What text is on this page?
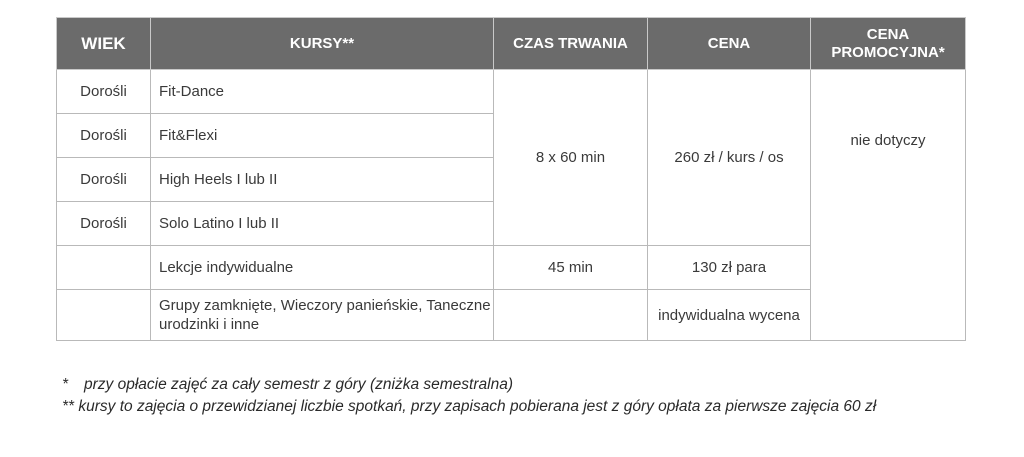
WIEK	KURSY**	CZAS TRWANIA	CENA	CENA PROMOCYJNA*
Dorośli	Fit-Dance	8 x 60 min	260 zł / kurs / os	nie dotyczy
Dorośli	Fit&Flexi			
Dorośli	High Heels I lub II			
Dorośli	Solo Latino I lub II			
	Lekcje indywidualne	45 min	130 zł para	
	Grupy zamknięte, Wieczory panieńskie, Taneczne urodzinki i inne		indywidualna wycena	

* przy opłacie zajęć za cały semestr z góry (zniżka semestralna)

** kursy to zajęcia o przewidzianej liczbie spotkań, przy zapisach pobierana jest z góry opłata za pierwsze zajęcia 60 zł
